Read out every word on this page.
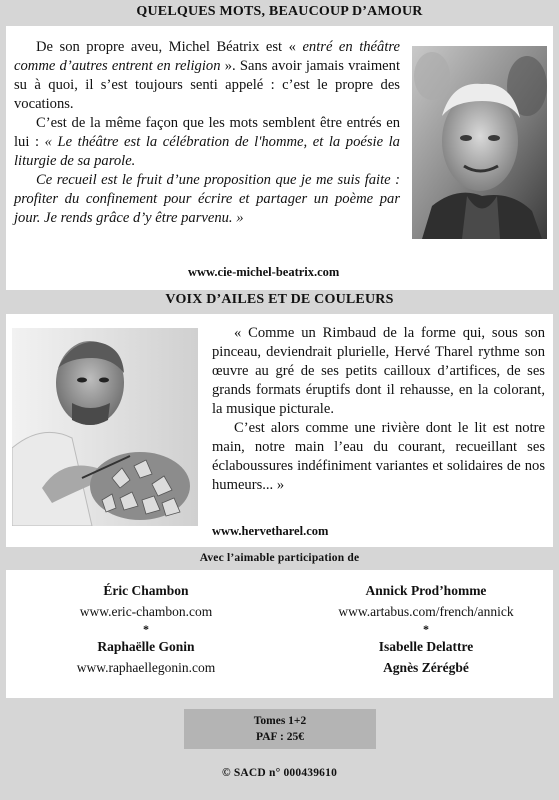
QUELQUES MOTS, BEAUCOUP D’AMOUR

De son propre aveu, Michel Béatrix est « entré en théâtre comme d’autres entrent en religion ». Sans avoir jamais vraiment su à quoi, il s’est toujours senti appelé : c’est le propre des vocations.

C’est de la même façon que les mots semblent être entrés en lui : « Le théâtre est la célébration de l'homme, et la poésie la liturgie de sa parole.

Ce recueil est le fruit d’une proposition que je me suis faite : profiter du confinement pour écrire et partager un poème par jour. Je rends grâce d’y être parvenu. »

www.cie-michel-beatrix.com
VOIX D’AILES ET DE COULEURS

« Comme un Rimbaud de la forme qui, sous son pinceau, deviendrait plurielle, Hervé Tharel rythme son œuvre au gré de ses petits cailloux d’artifices, de ses grands formats éruptifs dont il rehausse, en la colorant, la musique picturale.

C’est alors comme une rivière dont le lit est notre main, notre main l’eau du courant, recueillant ses éclaboussures indéfiniment variantes et solidaires de nos humeurs... »

www.hervetharel.com
Avec l’aimable participation de
Éric Chambon
www.eric-chambon.com
*
Raphaëlle Gonin
www.raphaellegonin.com
Annick Prod’homme
www.artabus.com/french/annick
*
Isabelle Delattre
Agnès Zérégbé
Tomes 1+2
PAF : 25€
© SACD n° 000439610
